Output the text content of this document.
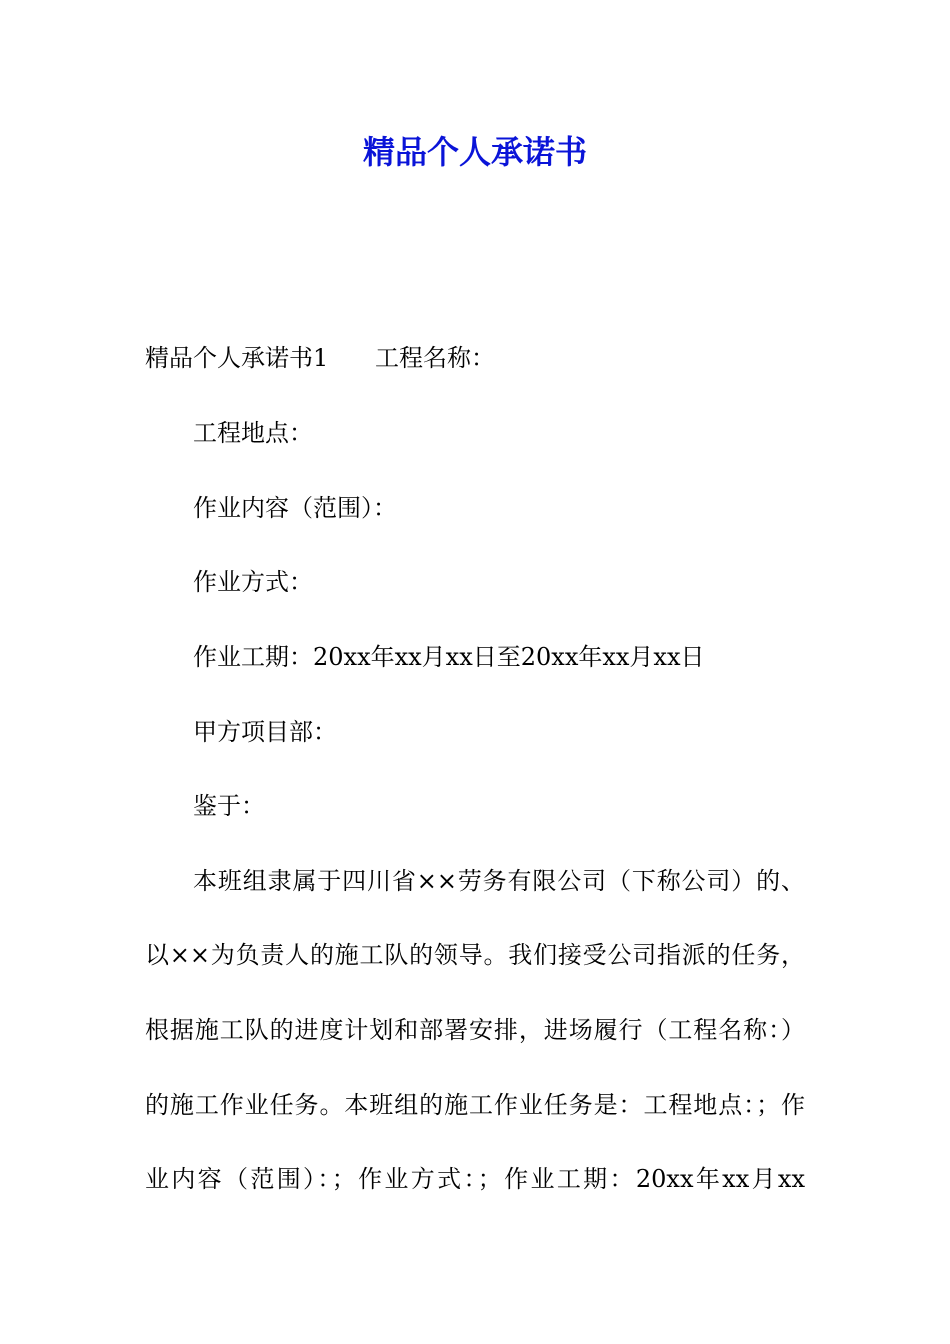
精品个人承诺书
精品个人承诺书1 工程名称：
工程地点：
作业内容（范围）：
作业方式：
作业工期：20xx年xx月xx日至20xx年xx月xx日
甲方项目部：
鉴于：
本班组隶属于四川省××劳务有限公司（下称公司）的、
以××为负责人的施工队的领导。我们接受公司指派的任务，
根据施工队的进度计划和部署安排，进场履行（工程名称：）
的施工作业任务。本班组的施工作业任务是：工程地点：；作
业内容（范围）：；作业方式：；作业工期：20xx年xx月xx
